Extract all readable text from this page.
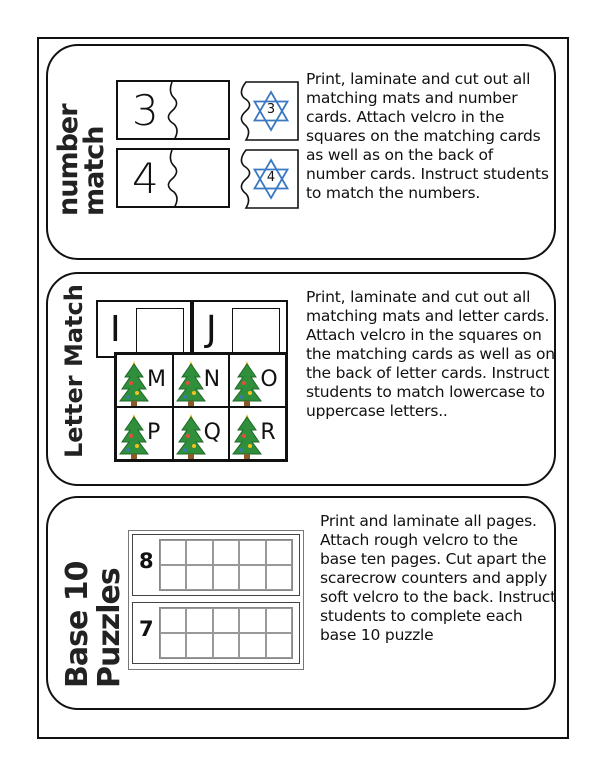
number
match
3
4
3
4
Print, laminate and cut out all matching mats and number cards. Attach velcro in the squares on the matching cards as well as on the back of number cards. Instruct students to match the numbers.
Letter Match I J
M N O
P Q R
Print, laminate and cut out all matching mats and letter cards. Attach velcro in the squares on the matching cards as well as on the back of letter cards. Instruct students to match lowercase to uppercase letters..
Base 10
Puzzles
8
7
Print and laminate all pages. Attach rough velcro to the base ten pages. Cut apart the scarecrow counters and apply soft velcro to the back. Instruct students to complete each base 10 puzzle
